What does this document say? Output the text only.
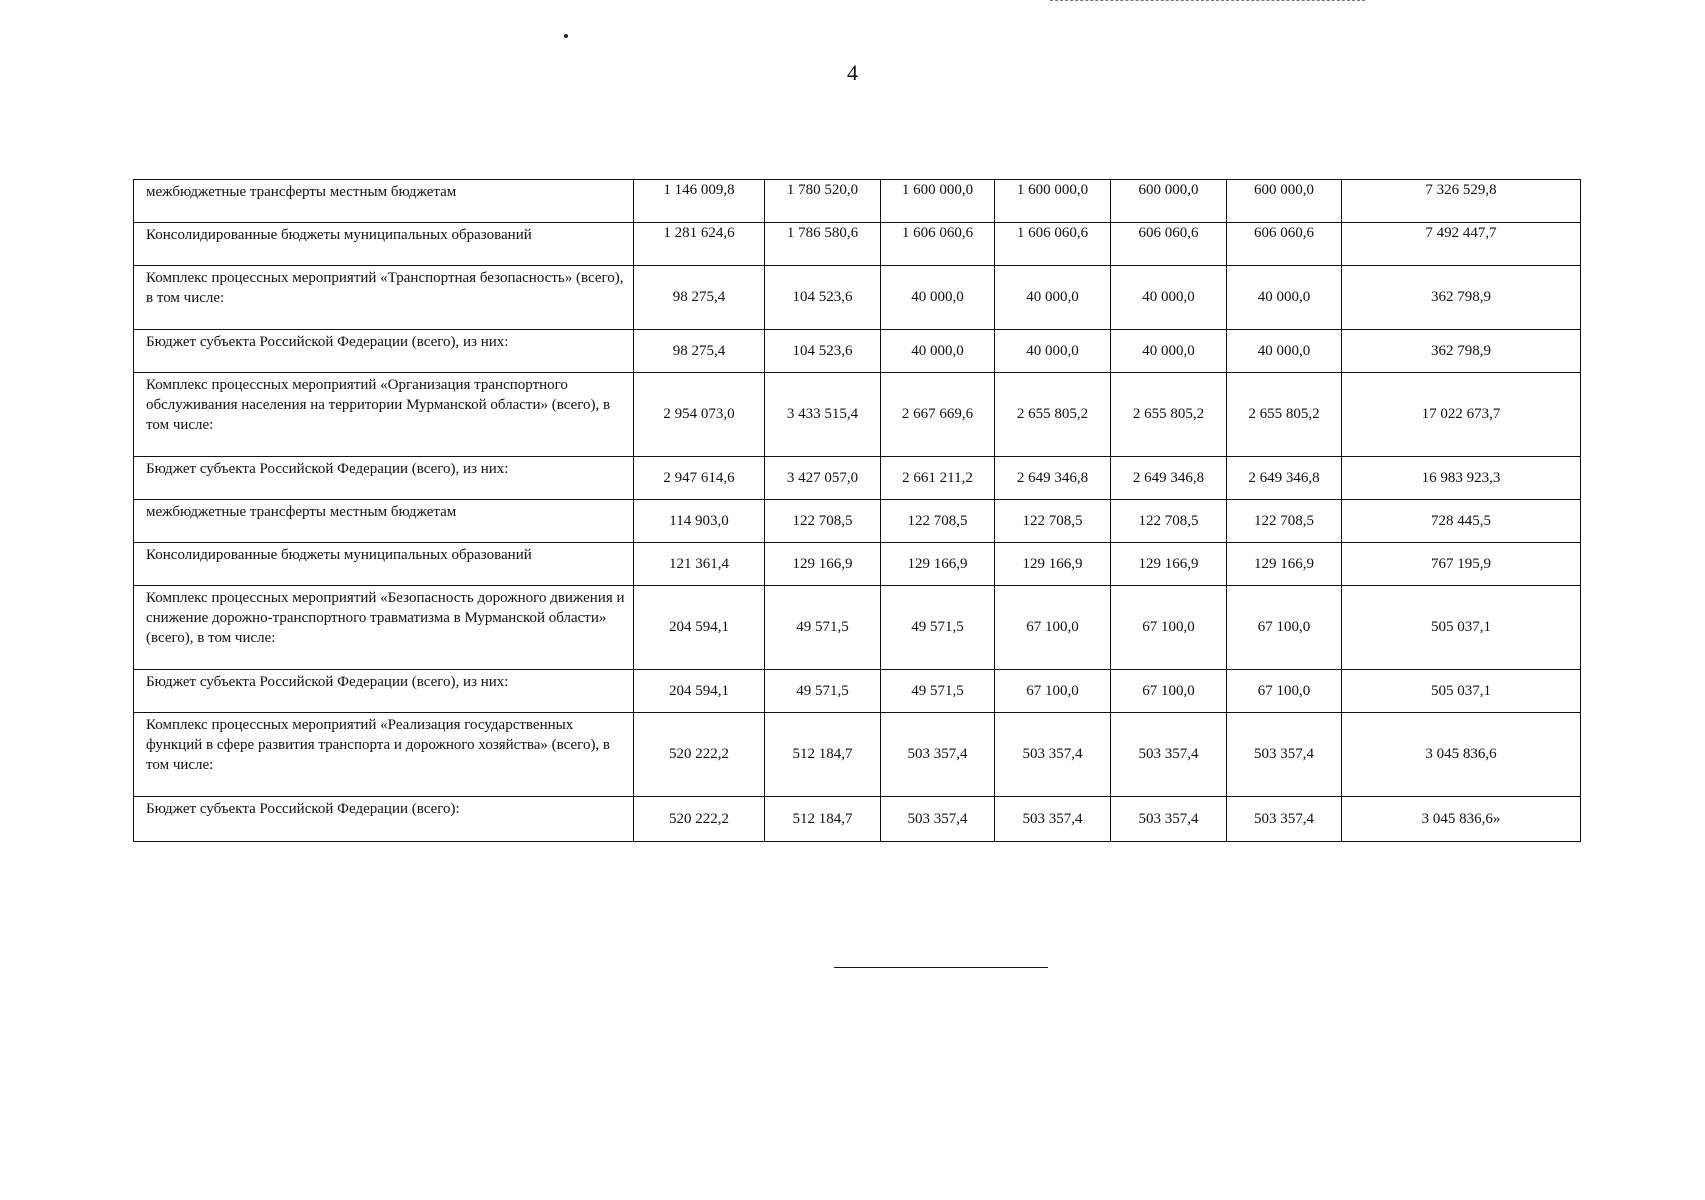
4
межбюджетные трансферты местным бюджетам	1 146 009,8	1 780 520,0	1 600 000,0	1 600 000,0	600 000,0	600 000,0	7 326 529,8
Консолидированные бюджеты муниципальных образований	1 281 624,6	1 786 580,6	1 606 060,6	1 606 060,6	606 060,6	606 060,6	7 492 447,7
Комплекс процессных мероприятий «Транспортная безопасность» (всего), в том числе:	98 275,4	104 523,6	40 000,0	40 000,0	40 000,0	40 000,0	362 798,9
Бюджет субъекта Российской Федерации (всего), из них:	98 275,4	104 523,6	40 000,0	40 000,0	40 000,0	40 000,0	362 798,9
Комплекс процессных мероприятий «Организация транспортного обслуживания населения на территории Мурманской области» (всего), в том числе:	2 954 073,0	3 433 515,4	2 667 669,6	2 655 805,2	2 655 805,2	2 655 805,2	17 022 673,7
Бюджет субъекта Российской Федерации (всего), из них:	2 947 614,6	3 427 057,0	2 661 211,2	2 649 346,8	2 649 346,8	2 649 346,8	16 983 923,3
межбюджетные трансферты местным бюджетам	114 903,0	122 708,5	122 708,5	122 708,5	122 708,5	122 708,5	728 445,5
Консолидированные бюджеты муниципальных образований	121 361,4	129 166,9	129 166,9	129 166,9	129 166,9	129 166,9	767 195,9
Комплекс процессных мероприятий «Безопасность дорожного движения и снижение дорожно-транспортного травматизма в Мурманской области» (всего), в том числе:	204 594,1	49 571,5	49 571,5	67 100,0	67 100,0	67 100,0	505 037,1
Бюджет субъекта Российской Федерации (всего), из них:	204 594,1	49 571,5	49 571,5	67 100,0	67 100,0	67 100,0	505 037,1
Комплекс процессных мероприятий «Реализация государственных функций в сфере развития транспорта и дорожного хозяйства» (всего), в том числе:	520 222,2	512 184,7	503 357,4	503 357,4	503 357,4	503 357,4	3 045 836,6
Бюджет субъекта Российской Федерации (всего):	520 222,2	512 184,7	503 357,4	503 357,4	503 357,4	503 357,4	3 045 836,6»
